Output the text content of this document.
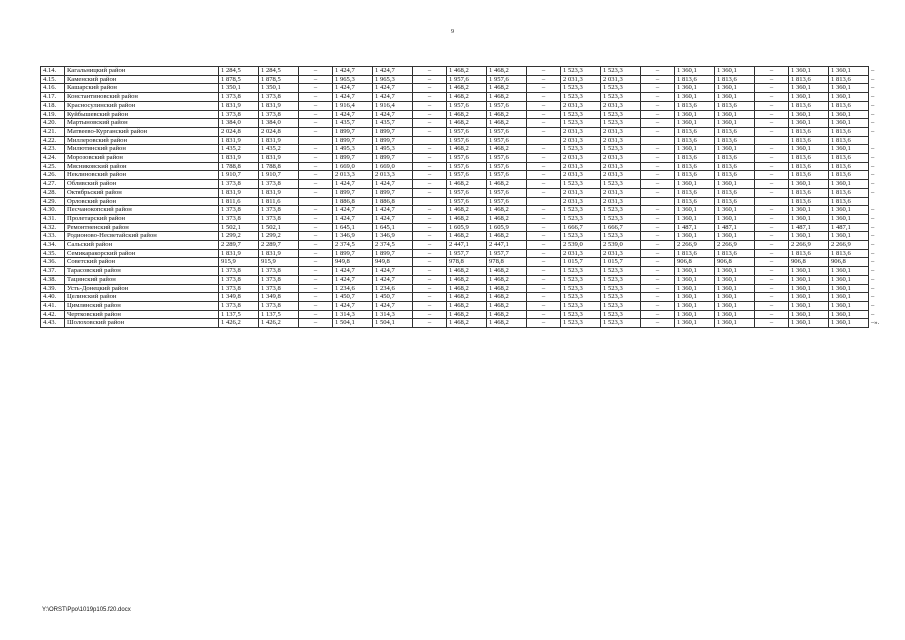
9
4.14.	Кагальницкий район	1 284,5	1 284,5	–	1 424,7	1 424,7	–	1 468,2	1 468,2	–	1 523,3	1 523,3	–	1 360,1	1 360,1	–	1 360,1	1 360,1	–
4.15.	Каменский район	1 878,5	1 878,5	–	1 965,3	1 965,3	–	1 957,6	1 957,6	–	2 031,3	2 031,3	–	1 813,6	1 813,6	–	1 813,6	1 813,6	–
4.16.	Кашарский район	1 350,1	1 350,1	–	1 424,7	1 424,7	–	1 468,2	1 468,2	–	1 523,3	1 523,3	–	1 360,1	1 360,1	–	1 360,1	1 360,1	–
4.17.	Константиновский район	1 373,8	1 373,8	–	1 424,7	1 424,7	–	1 468,2	1 468,2	–	1 523,3	1 523,3	–	1 360,1	1 360,1	–	1 360,1	1 360,1	–
4.18.	Красносулинский район	1 831,9	1 831,9	–	1 916,4	1 916,4	–	1 957,6	1 957,6	–	2 031,3	2 031,3	–	1 813,6	1 813,6	–	1 813,6	1 813,6	–
4.19.	Куйбышевский район	1 373,8	1 373,8	–	1 424,7	1 424,7	–	1 468,2	1 468,2	–	1 523,3	1 523,3	–	1 360,1	1 360,1	–	1 360,1	1 360,1	–
4.20.	Мартыновский район	1 384,0	1 384,0	–	1 435,7	1 435,7	–	1 468,2	1 468,2	–	1 523,3	1 523,3	–	1 360,1	1 360,1	–	1 360,1	1 360,1	–
4.21.	Матвеево-Курганский район	2 024,8	2 024,8	–	1 899,7	1 899,7	–	1 957,6	1 957,6	–	2 031,3	2 031,3	–	1 813,6	1 813,6	–	1 813,6	1 813,6	–
4.22.	Миллеровский район	1 831,9	1 831,9		1 899,7	1 899,7		1 957,6	1 957,6		2 031,3	2 031,3		1 813,6	1 813,6		1 813,6	1 813,6	
4.23.	Милютинский район	1 435,2	1 435,2	–	1 495,3	1 495,3	–	1 468,2	1 468,2	–	1 523,3	1 523,3	–	1 360,1	1 360,1	–	1 360,1	1 360,1	–
4.24.	Морозовский район	1 831,9	1 831,9	–	1 899,7	1 899,7	–	1 957,6	1 957,6	–	2 031,3	2 031,3	–	1 813,6	1 813,6	–	1 813,6	1 813,6	–
4.25.	Мясниковский район	1 788,8	1 788,8	–	1 669,0	1 669,0	–	1 957,6	1 957,6	–	2 031,3	2 031,3	–	1 813,6	1 813,6	–	1 813,6	1 813,6	–
4.26.	Неклиновский район	1 910,7	1 910,7	–	2 013,3	2 013,3	–	1 957,6	1 957,6	–	2 031,3	2 031,3	–	1 813,6	1 813,6	–	1 813,6	1 813,6	–
4.27.	Обливский район	1 373,8	1 373,8	–	1 424,7	1 424,7	–	1 468,2	1 468,2	–	1 523,3	1 523,3	–	1 360,1	1 360,1	–	1 360,1	1 360,1	–
4.28.	Октябрьский район	1 831,9	1 831,9	–	1 899,7	1 899,7	–	1 957,6	1 957,6	–	2 031,3	2 031,3	–	1 813,6	1 813,6	–	1 813,6	1 813,6	–
4.29.	Орловский район	1 811,6	1 811,6		1 886,8	1 886,8		1 957,6	1 957,6		2 031,3	2 031,3		1 813,6	1 813,6		1 813,6	1 813,6	
4.30.	Песчанокопский район	1 373,8	1 373,8	–	1 424,7	1 424,7	–	1 468,2	1 468,2	–	1 523,3	1 523,3	–	1 360,1	1 360,1	–	1 360,1	1 360,1	–
4.31.	Пролетарский район	1 373,8	1 373,8	–	1 424,7	1 424,7	–	1 468,2	1 468,2	–	1 523,3	1 523,3	–	1 360,1	1 360,1	–	1 360,1	1 360,1	–
4.32.	Ремонтненский район	1 502,1	1 502,1	–	1 645,1	1 645,1	–	1 605,9	1 605,9	–	1 666,7	1 666,7	–	1 487,1	1 487,1	–	1 487,1	1 487,1	–
4.33.	Родионово-Несветайский район	1 299,2	1 299,2	–	1 346,9	1 346,9	–	1 468,2	1 468,2	–	1 523,3	1 523,3	–	1 360,1	1 360,1	–	1 360,1	1 360,1	–
4.34.	Сальский район	2 289,7	2 289,7	–	2 374,5	2 374,5	–	2 447,1	2 447,1	–	2 539,0	2 539,0	–	2 266,9	2 266,9	–	2 266,9	2 266,9	–
4.35.	Семикаракорский район	1 831,9	1 831,9	–	1 899,7	1 899,7	–	1 957,7	1 957,7	–	2 031,3	2 031,3	–	1 813,6	1 813,6	–	1 813,6	1 813,6	–
4.36.	Советский район	915,9	915,9	–	949,8	949,8	–	978,8	978,8	–	1 015,7	1 015,7	–	906,8	906,8	–	906,8	906,8	–
4.37.	Тарасовский район	1 373,8	1 373,8	–	1 424,7	1 424,7	–	1 468,2	1 468,2	–	1 523,3	1 523,3	–	1 360,1	1 360,1	–	1 360,1	1 360,1	–
4.38.	Тацинский район	1 373,8	1 373,8	–	1 424,7	1 424,7	–	1 468,2	1 468,2	–	1 523,3	1 523,3	–	1 360,1	1 360,1	–	1 360,1	1 360,1	–
4.39.	Усть-Донецкий район	1 373,8	1 373,8	–	1 234,6	1 234,6	–	1 468,2	1 468,2	–	1 523,3	1 523,3	–	1 360,1	1 360,1	–	1 360,1	1 360,1	–
4.40.	Целинский район	1 349,8	1 349,8	–	1 450,7	1 450,7	–	1 468,2	1 468,2	–	1 523,3	1 523,3	–	1 360,1	1 360,1	–	1 360,1	1 360,1	–
4.41.	Цимлянский район	1 373,8	1 373,8	–	1 424,7	1 424,7	–	1 468,2	1 468,2	–	1 523,3	1 523,3	–	1 360,1	1 360,1	–	1 360,1	1 360,1	–
4.42.	Чертковский район	1 137,5	1 137,5	–	1 314,3	1 314,3	–	1 468,2	1 468,2	–	1 523,3	1 523,3	–	1 360,1	1 360,1	–	1 360,1	1 360,1	–
4.43.	Шолоховский район	1 426,2	1 426,2	–	1 504,1	1 504,1	–	1 468,2	1 468,2	–	1 523,3	1 523,3	–	1 360,1	1 360,1	–	1 360,1	1 360,1	–».
Y:\ORST\Ppo\1019p105.f20.docx
